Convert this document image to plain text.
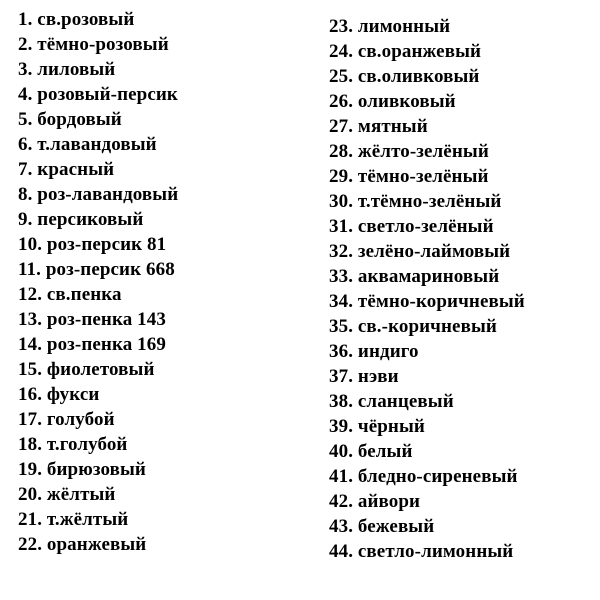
1. св.розовый
2. тёмно-розовый
3. лиловый
4. розовый-персик
5. бордовый
6. т.лавандовый
7. красный
8. роз-лавандовый
9. персиковый
10. роз-персик 81
11. роз-персик 668
12. св.пенка
13. роз-пенка 143
14. роз-пенка 169
15. фиолетовый
16. фукси
17. голубой
18. т.голубой
19. бирюзовый
20. жёлтый
21. т.жёлтый
22. оранжевый
23. лимонный
24. св.оранжевый
25. св.оливковый
26. оливковый
27. мятный
28. жёлто-зелёный
29. тёмно-зелёный
30. т.тёмно-зелёный
31. светло-зелёный
32. зелёно-лаймовый
33. аквамариновый
34. тёмно-коричневый
35. св.-коричневый
36. индиго
37. нэви
38. сланцевый
39. чёрный
40. белый
41. бледно-сиреневый
42. айвори
43. бежевый
44. светло-лимонный
